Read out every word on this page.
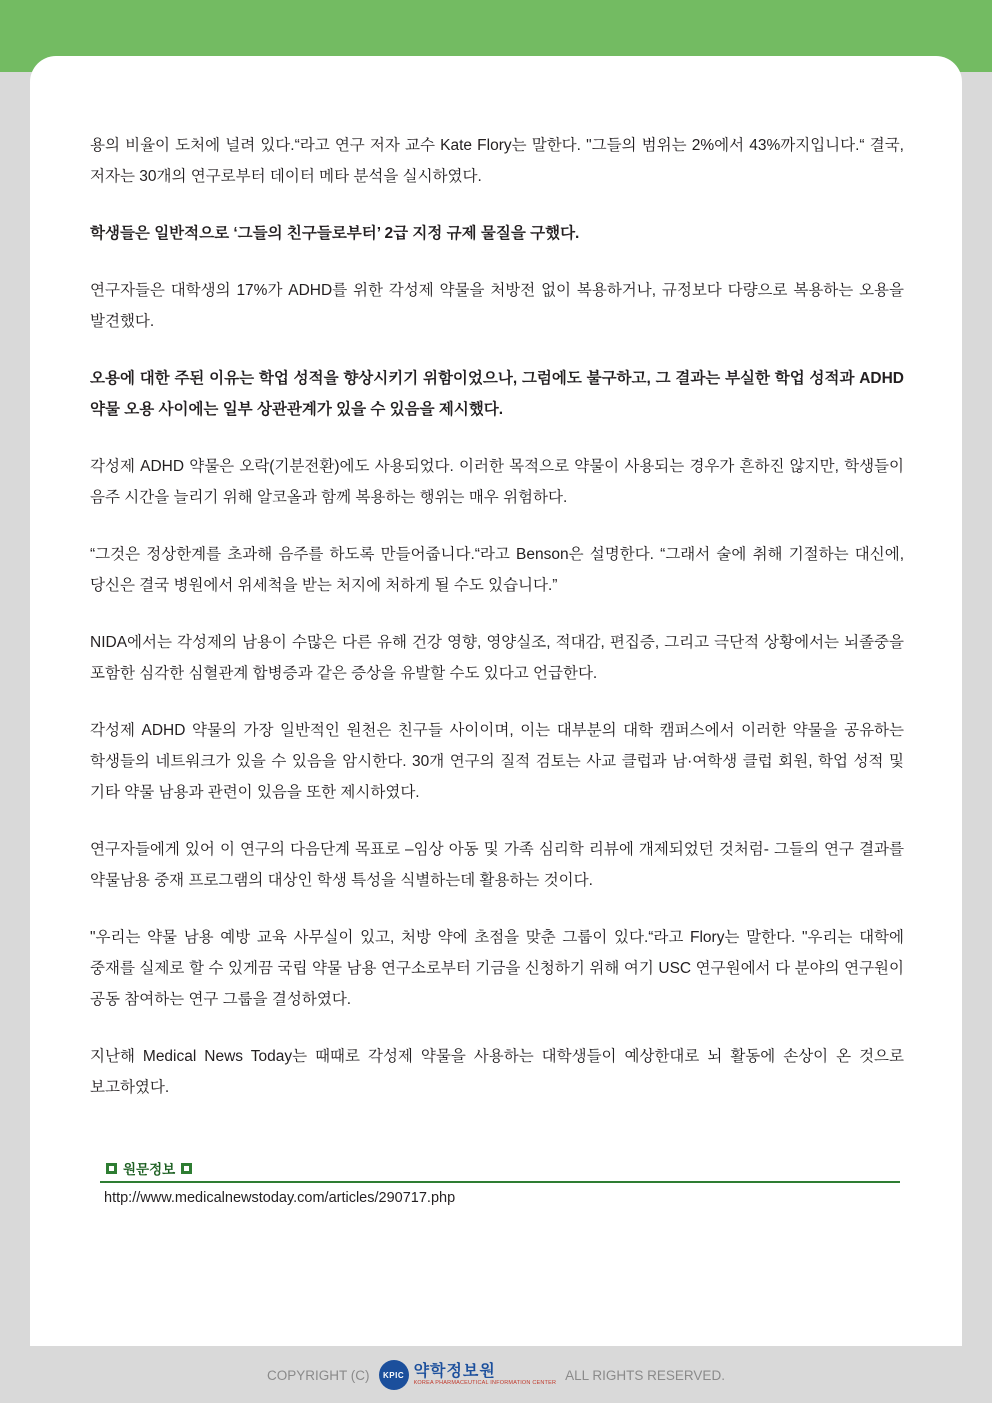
용의 비율이 도처에 널려 있다.“라고 연구 저자 교수 Kate Flory는 말한다. "그들의 범위는 2%에서 43%까지입니다.“ 결국, 저자는 30개의 연구로부터 데이터 메타 분석을 실시하였다.

학생들은 일반적으로 ‘그들의 친구들로부터’ 2급 지정 규제 물질을 구했다.

연구자들은 대학생의 17%가 ADHD를 위한 각성제 약물을 처방전 없이 복용하거나, 규정보다 다량으로 복용하는 오용을 발견했다.

오용에 대한 주된 이유는 학업 성적을 향상시키기 위함이었으나, 그럼에도 불구하고, 그 결과는 부실한 학업 성적과 ADHD 약물 오용 사이에는 일부 상관관계가 있을 수 있음을 제시했다.

각성제 ADHD 약물은 오락(기분전환)에도 사용되었다. 이러한 목적으로 약물이 사용되는 경우가 흔하진 않지만, 학생들이 음주 시간을 늘리기 위해 알코올과 함께 복용하는 행위는 매우 위험하다.

“그것은 정상한계를 초과해 음주를 하도록 만들어줍니다.“라고 Benson은 설명한다. “그래서 술에 취해 기절하는 대신에, 당신은 결국 병원에서 위세척을 받는 처지에 처하게 될 수도 있습니다.”

NIDA에서는 각성제의 남용이 수많은 다른 유해 건강 영향, 영양실조, 적대감, 편집증, 그리고 극단적 상황에서는 뇌졸중을 포함한 심각한 심혈관계 합병증과 같은 증상을 유발할 수도 있다고 언급한다.

각성제 ADHD 약물의 가장 일반적인 원천은 친구들 사이이며, 이는 대부분의 대학 캠퍼스에서 이러한 약물을 공유하는 학생들의 네트워크가 있을 수 있음을 암시한다. 30개 연구의 질적 검토는 사교 클럽과 남·여학생 클럽 회원, 학업 성적 및 기타 약물 남용과 관련이 있음을 또한 제시하였다.

연구자들에게 있어 이 연구의 다음단계 목표로 –임상 아동 및 가족 심리학 리뷰에 개제되었던 것처럼- 그들의 연구 결과를 약물남용 중재 프로그램의 대상인 학생 특성을 식별하는데 활용하는 것이다.

"우리는 약물 남용 예방 교육 사무실이 있고, 처방 약에 초점을 맞춘 그룹이 있다.“라고 Flory는 말한다. "우리는 대학에 중재를 실제로 할 수 있게끔 국립 약물 남용 연구소로부터 기금을 신청하기 위해 여기 USC 연구원에서 다 분야의 연구원이 공동 참여하는 연구 그룹을 결성하였다.

지난해 Medical News Today는 때때로 각성제 약물을 사용하는 대학생들이 예상한대로 뇌 활동에 손상이 온 것으로 보고하였다.

원문정보
http://www.medicalnewstoday.com/articles/290717.php
COPYRIGHT (C)	KPIC 약학정보원
KOREA PHARMACEUTICAL INFORMATION CENTER
ALL RIGHTS RESERVED.
